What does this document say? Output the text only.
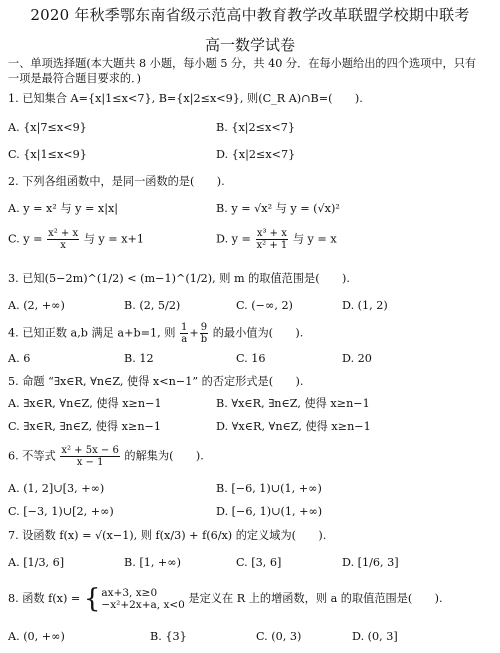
2020 年秋季鄂东南省级示范高中教育教学改革联盟学校期中联考
高一数学试卷
一、单项选择题(本大题共 8 小题，每小题 5 分，共 40 分．在每小题给出的四个选项中，只有
一项是最符合题目要求的．)
1. 已知集合 A={x|1≤x<7}, B={x|2≤x<9}, 则(C_R A)∩B=(　　).
A. {x|7≤x<9}	B. {x|2≤x<7}
C. {x|1≤x<9}	D. {x|2≤x<7}
2. 下列各组函数中，是同一函数的是(　　).
A. y = x² 与 y = x|x|	B. y = √x² 与 y = (√x)²
C. $y = \frac{\text{x² + x}}{x}$ 与 y = x+1	D. $y = \frac{\text{x³ + x}}{\text{x² + 1}}$ 与 y = x
3. 已知(5−2m)^(1/2) < (m−1)^(1/2), 则 m 的取值范围是(　　).
A. (2, +∞)	B. (2, 5/2)	C. (−∞, 2)	D. (1, 2)
4. 已知正数 a,b 满足 a+b=1, 则 $\frac{1}{a} + \frac{9}{b}$ 的最小值为(　　).
A. 6	B. 12	C. 16	D. 20
5. 命题 “∃x∈R, ∀n∈Z, 使得 x<n−1” 的否定形式是(　　).
A. ∃x∈R, ∀n∈Z, 使得 x≥n−1	B. ∀x∈R, ∃n∈Z, 使得 x≥n−1
C. ∃x∈R, ∃n∈Z, 使得 x≥n−1	D. ∀x∈R, ∀n∈Z, 使得 x≥n−1
6. 不等式 $\frac{\text{x² + 5x − 6}}{x - 1}$ 的解集为(　　).
A. (1, 2]∪[3, +∞)	B. [−6, 1)∪(1, +∞)
C. [−3, 1)∪[2, +∞)	D. [−6, 1)∪(1, +∞)
7. 设函数 f(x) = √(x−1), 则 f(x/3) + f(6/x) 的定义域为(　　).
A. [1/3, 6]	B. [1, +∞)	C. [3, 6]	D. [1/6, 3]
8. 函数 f(x) = { ax+3, x≥0
−x²+2x+a, x<0 是定义在 R 上的增函数，则 a 的取值范围是(　　).
A. (0, +∞)	B. {3}	C. (0, 3)	D. (0, 3]
